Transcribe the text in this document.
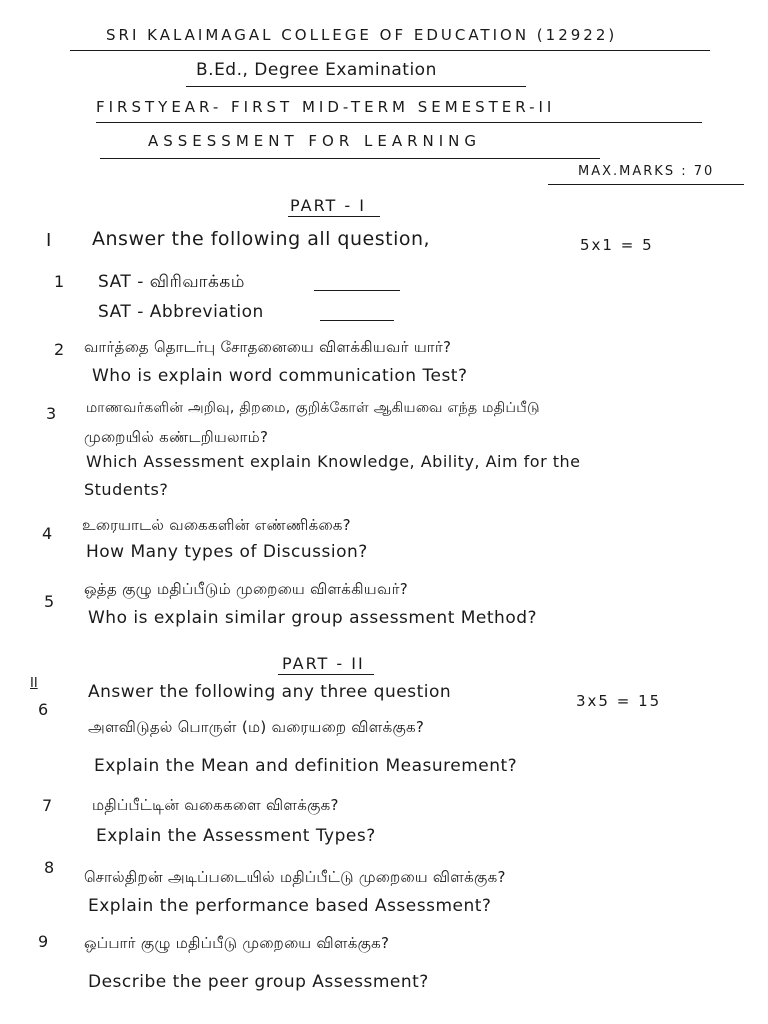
SRI KALAIMAGAL COLLEGE OF EDUCATION (12922)
B.Ed., Degree Examination
FIRSTYEAR- FIRST MID-TERM SEMESTER-II
ASSESSMENT FOR LEARNING
MAX.MARKS : 70
PART - I
I Answer the following all question,	5x1 = 5
1 SAT - விரிவாக்கம்
SAT - Abbreviation
2 வார்த்தை தொடர்பு சோதனையை விளக்கியவர் யார்?
Who is explain word communication Test?
3 மாணவர்களின் அறிவு, திறமை, குறிக்கோள் ஆகியவை எந்த மதிப்பீடு
முறையில் கண்டறியலாம்?
Which Assessment explain Knowledge, Ability, Aim for the
Students?
4 உரையாடல் வகைகளின் எண்ணிக்கை?
How Many types of Discussion?
5
ஒத்த குழு மதிப்பீடும் முறையை விளக்கியவர்?
Who is explain similar group assessment Method?
PART - II
II	Answer the following any three question	3x5 = 15
6
அளவிடுதல் பொருள் (ம) வரையறை விளக்குக?
Explain the Mean and definition Measurement?
7	மதிப்பீட்டின் வகைகளை விளக்குக?
Explain the Assessment Types?
8 சொல்திறன் அடிப்படையில் மதிப்பீட்டு முறையை விளக்குக?
Explain the performance based Assessment?
9 ஒப்பார் குழு மதிப்பீடு முறையை விளக்குக?
Describe the peer group Assessment?
